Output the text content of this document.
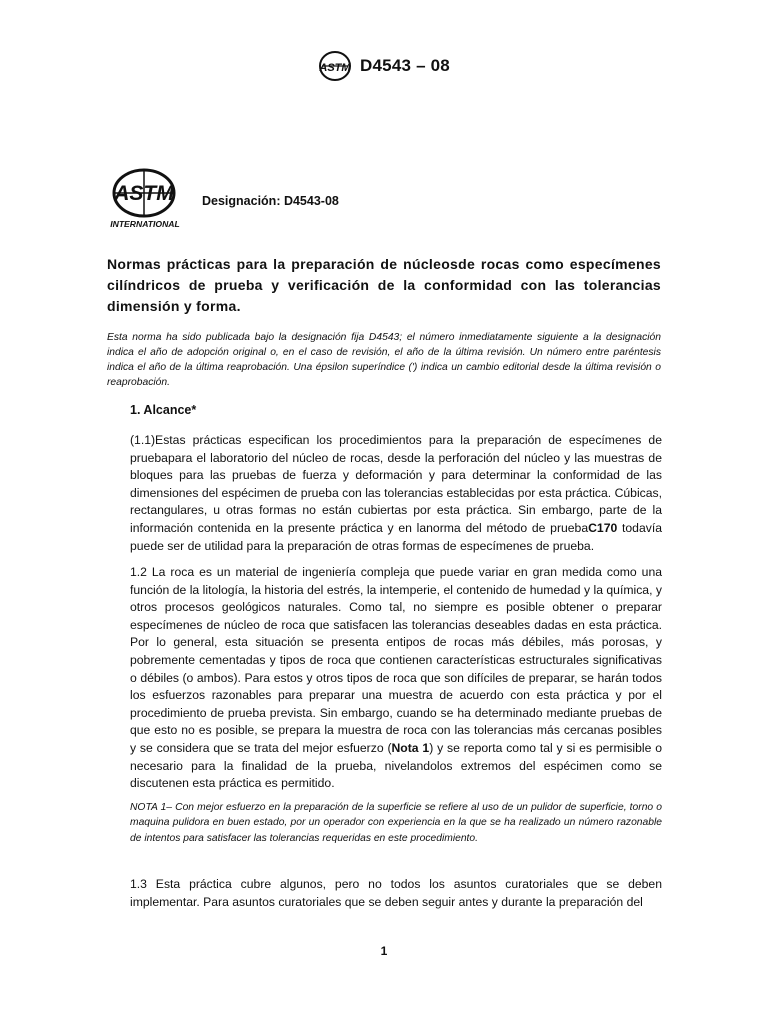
ASTM D4543 – 08
ASTM
INTERNATIONAL
Designación: D4543-08
Normas prácticas para la preparación de núcleosde rocas como especímenes cilíndricos de prueba y verificación de la conformidad con las tolerancias dimensión y forma.
Esta norma ha sido publicada bajo la designación fija D4543; el número inmediatamente siguiente a la designación indica el año de adopción original o, en el caso de revisión, el año de la última revisión. Un número entre paréntesis indica el año de la última reaprobación. Una épsilon superíndice (') indica un cambio editorial desde la última revisión o reaprobación.
1. Alcance*
(1.1)Estas prácticas especifican los procedimientos para la preparación de especímenes de pruebapara el laboratorio del núcleo de rocas, desde la perforación del núcleo y las muestras de bloques para las pruebas de fuerza y deformación y para determinar la conformidad de las dimensiones del espécimen de prueba con las tolerancias establecidas por esta práctica. Cúbicas, rectangulares, u otras formas no están cubiertas por esta práctica. Sin embargo, parte de la información contenida en la presente práctica y en lanorma del método de pruebaC170 todavía puede ser de utilidad para la preparación de otras formas de especímenes de prueba.
1.2 La roca es un material de ingeniería compleja que puede variar en gran medida como una función de la litología, la historia del estrés, la intemperie, el contenido de humedad y la química, y otros procesos geológicos naturales. Como tal, no siempre es posible obtener o preparar especímenes de núcleo de roca que satisfacen las tolerancias deseables dadas en esta práctica. Por lo general, esta situación se presenta entipos de rocas más débiles, más porosas, y pobremente cementadas y tipos de roca que contienen características estructurales significativas o débiles (o ambos). Para estos y otros tipos de roca que son difíciles de preparar, se harán todos los esfuerzos razonables para preparar una muestra de acuerdo con esta práctica y por el procedimiento de prueba prevista. Sin embargo, cuando se ha determinado mediante pruebas de que esto no es posible, se prepara la muestra de roca con las tolerancias más cercanas posibles y se considera que se trata del mejor esfuerzo (Nota 1) y se reporta como tal y si es permisible o necesario para la finalidad de la prueba, nivelandolos extremos del espécimen como se discutenen esta práctica es permitido.
NOTA 1– Con mejor esfuerzo en la preparación de la superficie se refiere al uso de un pulidor de superficie, torno o maquina pulidora en buen estado, por un operador con experiencia en la que se ha realizado un número razonable de intentos para satisfacer las tolerancias requeridas en este procedimiento.
1.3 Esta práctica cubre algunos, pero no todos los asuntos curatoriales que se deben implementar. Para asuntos curatoriales que se deben seguir antes y durante la preparación del
1
